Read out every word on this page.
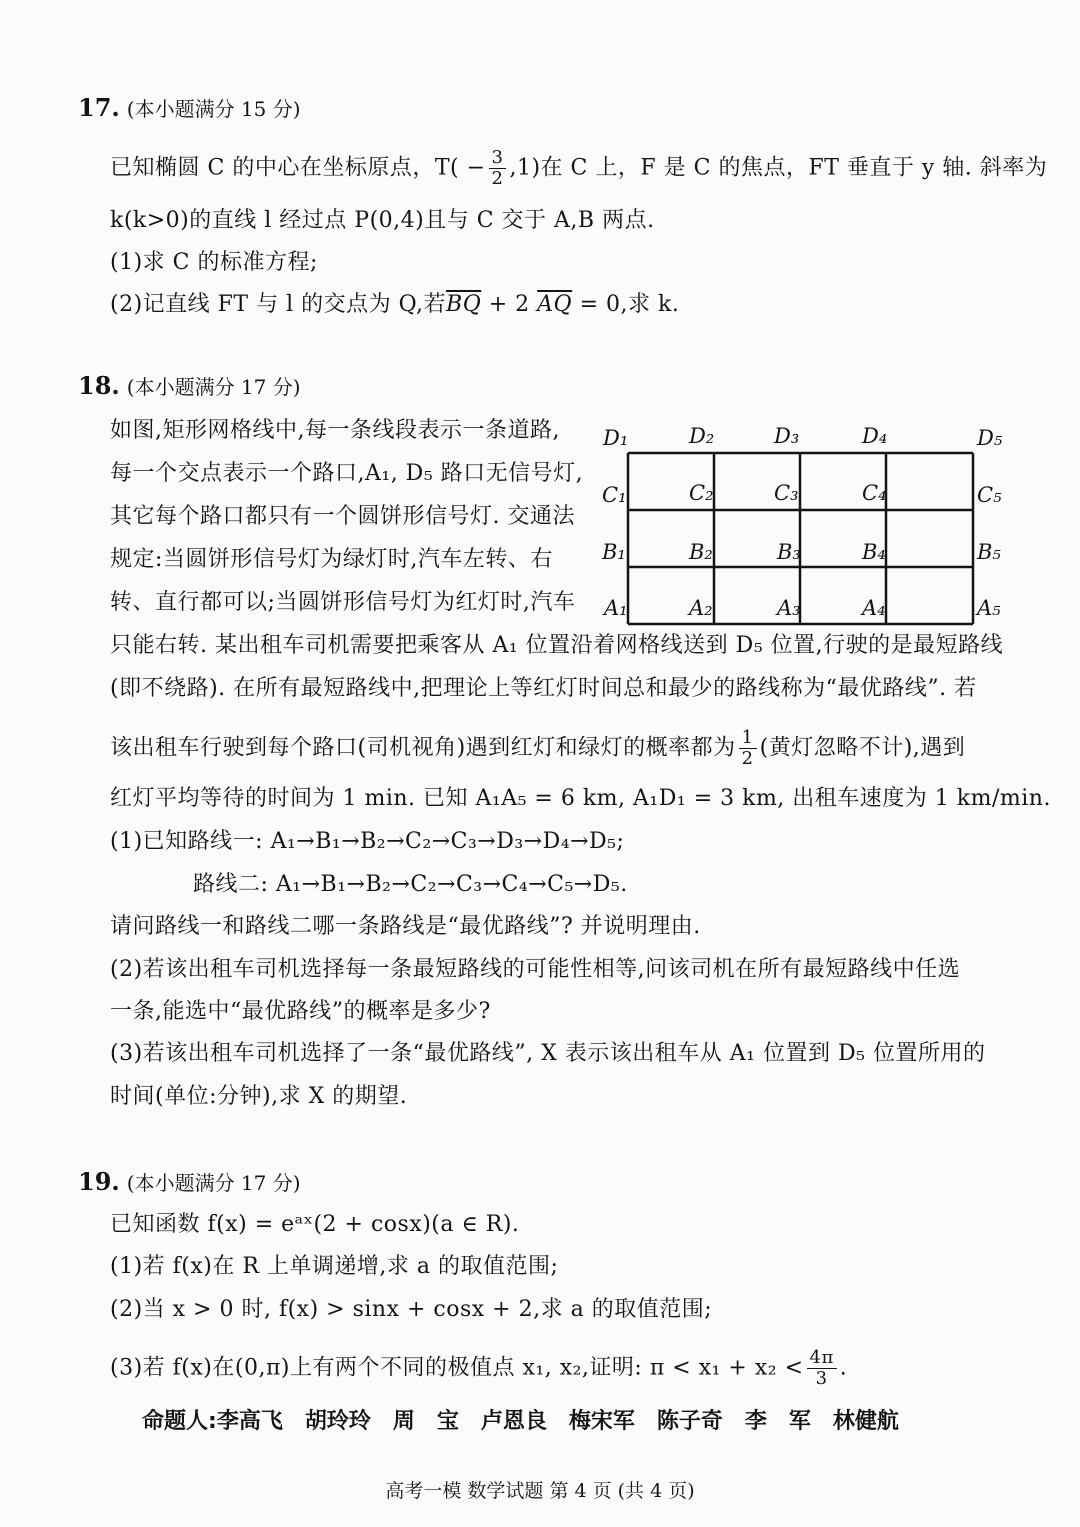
17. (本小题满分 15 分)
已知椭圆 C 的中心在坐标原点，$T( - \frac{3}{2} ,1)$在 C 上，F 是 C 的焦点，FT 垂直于 y 轴. 斜率为
k(k>0)的直线 l 经过点 P(0,4)且与 C 交于 A,B 两点.
(1)求 C 的标准方程;
(2)记直线 FT 与 l 的交点为 Q,若$\overline{BQ} + 2$ $\overline{AQ} = 0$,求 k.
18. (本小题满分 17 分)
如图,矩形网格线中,每一条线段表示一条道路,
每一个交点表示一个路口,A₁, D₅ 路口无信号灯,
其它每个路口都只有一个圆饼形信号灯. 交通法
规定:当圆饼形信号灯为绿灯时,汽车左转、右
转、直行都可以;当圆饼形信号灯为红灯时,汽车
只能右转. 某出租车司机需要把乘客从 A₁ 位置沿着网格线送到 D₅ 位置,行驶的是最短路线
(即不绕路). 在所有最短路线中,把理论上等红灯时间总和最少的路线称为“最优路线”. 若
该出租车行驶到每个路口(司机视角)遇到红灯和绿灯的概率都为 $\frac{1}{2}$ (黄灯忽略不计),遇到
红灯平均等待的时间为 1 min. 已知 A₁A₅ = 6 km, A₁D₁ = 3 km, 出租车速度为 1 km/min.
(1)已知路线一: A₁→B₁→B₂→C₂→C₃→D₃→D₄→D₅;
路线二: A₁→B₁→B₂→C₂→C₃→C₄→C₅→D₅.
请问路线一和路线二哪一条路线是“最优路线”? 并说明理由.
(2)若该出租车司机选择每一条最短路线的可能性相等,问该司机在所有最短路线中任选
一条,能选中“最优路线”的概率是多少?
(3)若该出租车司机选择了一条“最优路线”, X 表示该出租车从 A₁ 位置到 D₅ 位置所用的
时间(单位:分钟),求 X 的期望.
D₁	D₂	D₃	D₄	D₅
C₁	C₂	C₃	C₄	C₅
B₁	B₂	B₃	B₄	B₅
A₁	A₂	A₃	A₄	A₅
19. (本小题满分 17 分)
已知函数 f(x) = eᵃˣ(2 + cosx)(a ∈ R).
(1)若 f(x)在 R 上单调递增,求 a 的取值范围;
(2)当 x > 0 时, f(x) > sinx + cosx + 2,求 a 的取值范围;
(3)若 f(x)在(0,π)上有两个不同的极值点 x₁, x₂,证明: $\pi < x_1 + x_2 < \frac{4\pi}{3}$ .
命题人:李高飞 胡玲玲 周　宝 卢恩良 梅宋军 陈子奇 李　军 林健航
高考一模 数学试题 第 4 页 (共 4 页)
